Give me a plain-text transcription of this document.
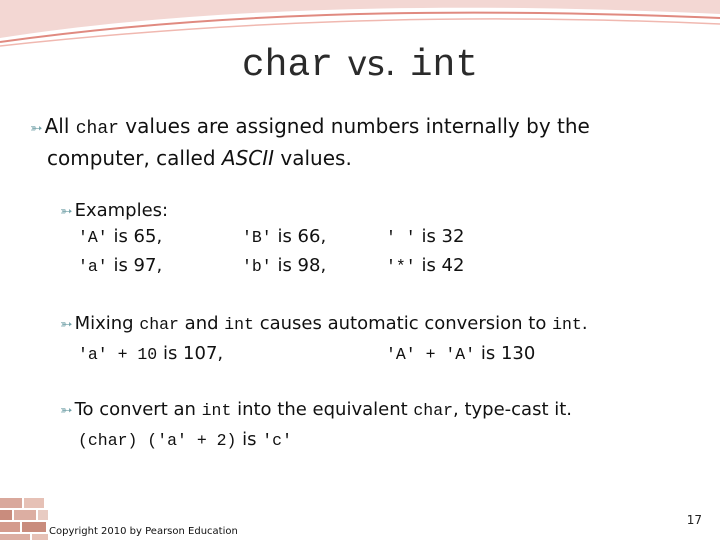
char vs. int
➳ All char values are assigned numbers internally by the
computer, called ASCII values.
➳ Examples:
'A' is 65,	'B' is 66,	' ' is 32
'a' is 97,	'b' is 98,	'*' is 42
➳ Mixing char and int causes automatic conversion to int.
'a' + 10 is 107,	'A' + 'A' is 130
➳ To convert an int into the equivalent char, type-cast it.
(char) ('a' + 2) is 'c'
Copyright 2010 by Pearson Education
17
